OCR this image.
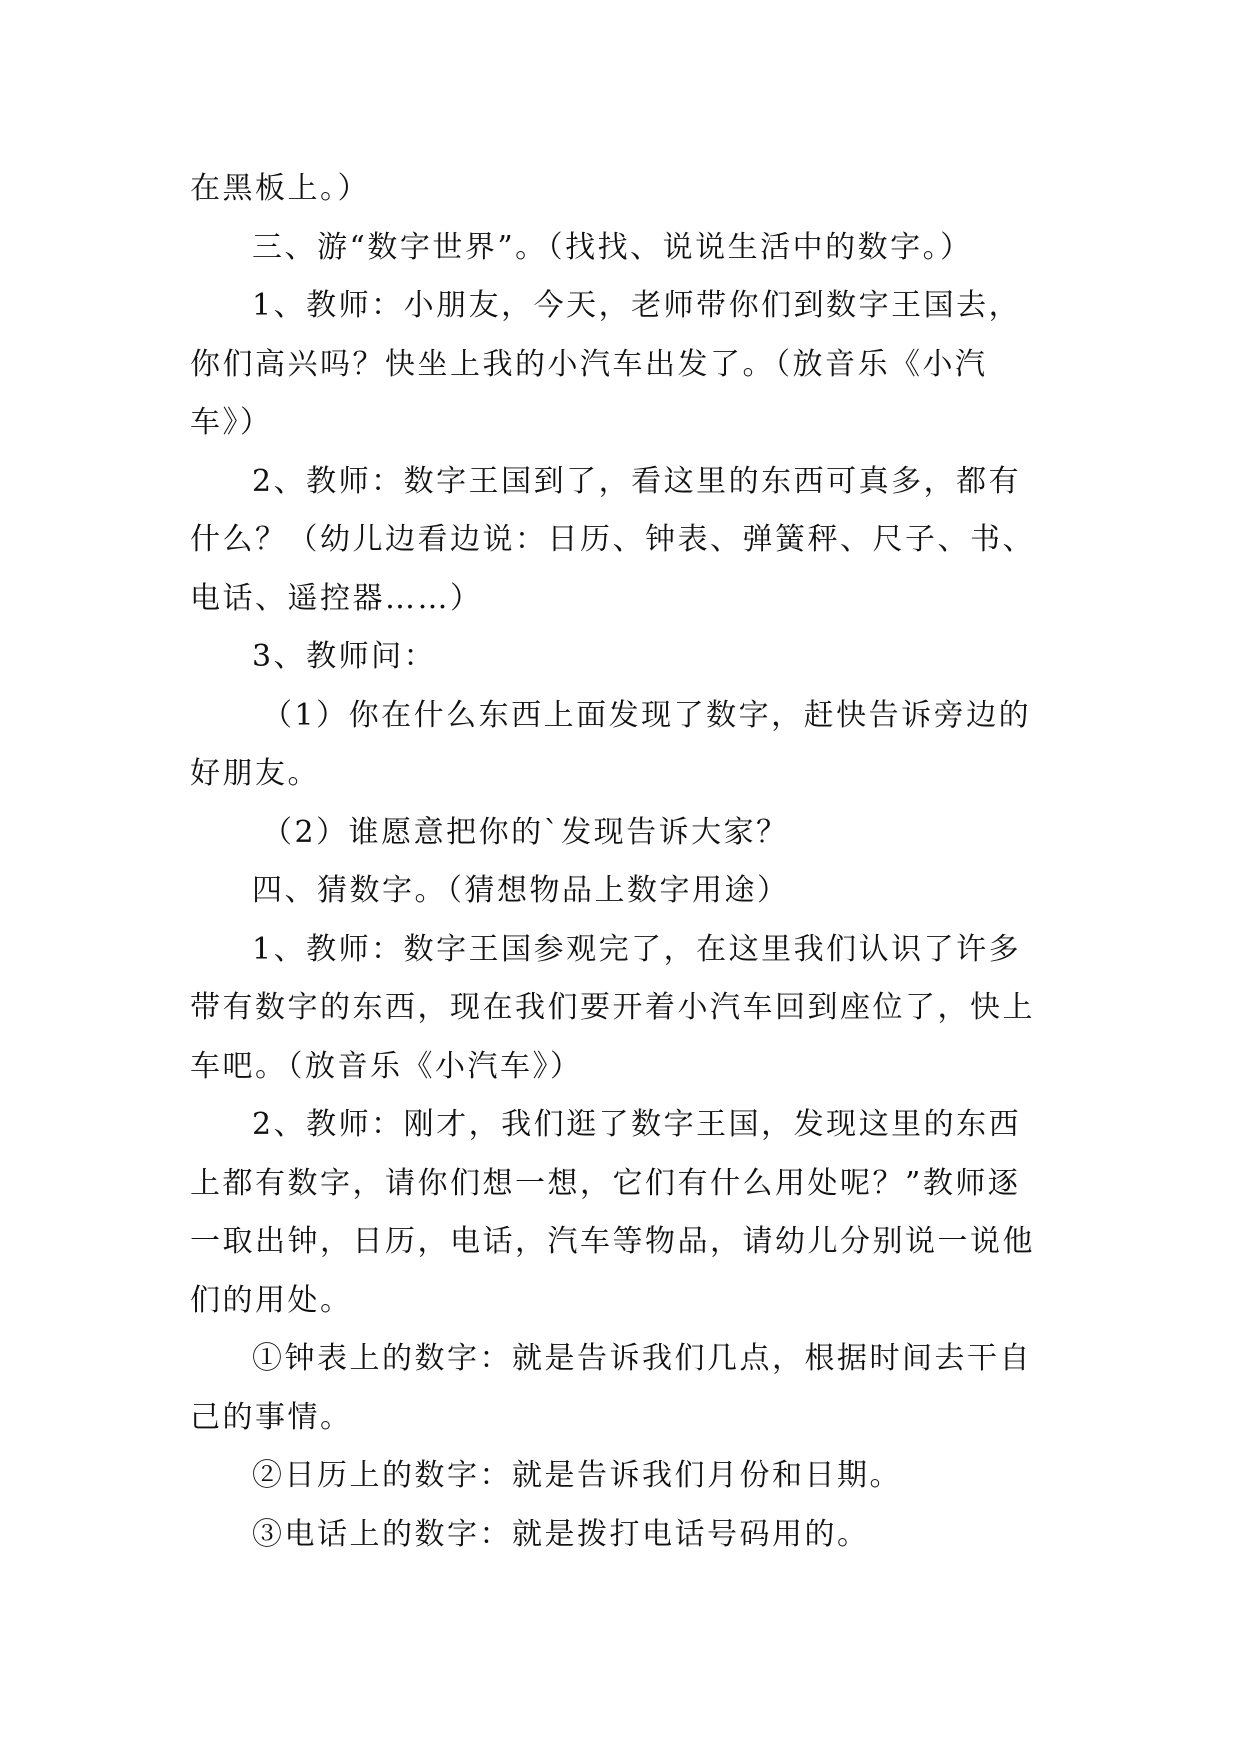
在黑板上。）
三、游“数字世界”。（找找、说说生活中的数字。）
1、教师：小朋友，今天，老师带你们到数字王国去，
你们高兴吗？快坐上我的小汽车出发了。（放音乐《小汽
车》）
2、教师：数字王国到了，看这里的东西可真多，都有
什么？（幼儿边看边说：日历、钟表、弹簧秤、尺子、书、
电话、遥控器……）
3、教师问：
（1）你在什么东西上面发现了数字，赶快告诉旁边的
好朋友。
（2）谁愿意把你的`发现告诉大家？
四、猜数字。（猜想物品上数字用途）
1、教师：数字王国参观完了，在这里我们认识了许多
带有数字的东西，现在我们要开着小汽车回到座位了，快上
车吧。（放音乐《小汽车》）
2、教师：刚才，我们逛了数字王国，发现这里的东西
上都有数字，请你们想一想，它们有什么用处呢？”教师逐
一取出钟，日历，电话，汽车等物品，请幼儿分别说一说他
们的用处。
①钟表上的数字：就是告诉我们几点，根据时间去干自
己的事情。
②日历上的数字：就是告诉我们月份和日期。
③电话上的数字：就是拨打电话号码用的。
